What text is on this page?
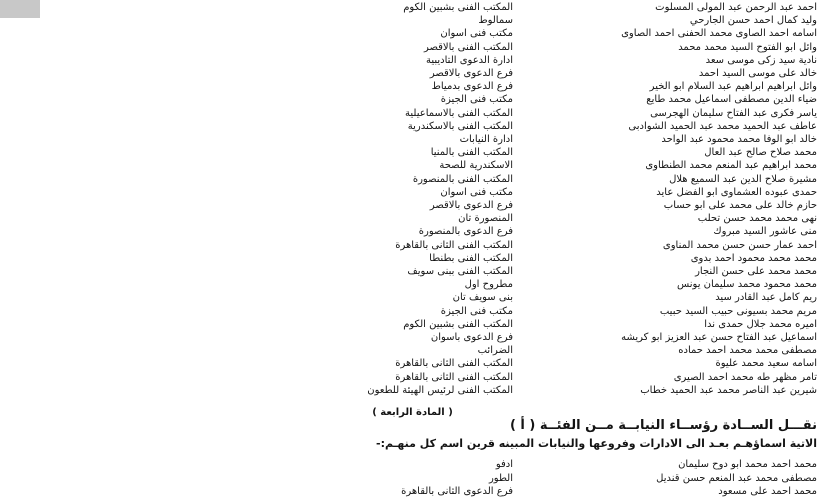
احمد عبد الرحمن عبد المولى المسلوت
المكتب الفنى بشبين الكوم
وليد كمال احمد حسن الجارحي
سمالوط
اسامه احمد الصاوى محمد الحفنى احمد الصاوى
مكتب فنى اسوان
وائل ابو الفتوح السيد محمد محمد
المكتب الفنى بالاقصر
نادية سيد زكى موسى سعد
ادارة الدعوى التاديبية
خالد على موسى السيد احمد
فرع الدعوى بالاقصر
وائل ابراهيم ابراهيم عبد السلام ابو الخير
فرع الدعوى بدمياط
ضياء الدين مصطفى اسماعيل محمد طايع
مكتب فنى الجيزة
ياسر فكرى عبد الفتاح سليمان الهجرسى
المكتب الفنى بالاسماعيلية
عاطف عبد الحميد محمد عبد الحميد الشوادبى
المكتب الفنى بالاسكندرية
خالد ابو الوفا محمد محمود عبد الواحد
ادارة النيابات
محمد صلاح صالح عبد العال
المكتب الفنى بالمنيا
محمد ابراهيم عبد المنعم محمد الطنطاوى
الاسكندرية للصحة
مشيرة صلاح الدين عبد السميع هلال
المكتب الفنى بالمنصورة
حمدى عبوده العشماوى ابو الفضل عايد
مكتب فنى اسوان
حازم خالد على محمد على ابو حساب
فرع الدعوى بالاقصر
نهى محمد محمد حسن تحلب
المنصورة تان
منى عاشور السيد مبروك
فرع الدعوى بالمنصورة
احمد عمار حسن حسن محمد المناوى
المكتب الفنى الثانى بالقاهرة
محمد محمد محمود احمد بدوى
المكتب الفنى بطنطا
محمد محمد على حسن النجار
المكتب الفنى ببنى سويف
محمد محمود محمد سليمان يونس
مطروح اول
ريم كامل عبد القادر سيد
بنى سويف تان
مريم محمد بسيونى حبيب السيد حبيب
مكتب فنى الجيزة
اميره محمد جلال حمدى ندا
المكتب الفنى بشبين الكوم
اسماعيل عبد الفتاح حسن عبد العزيز ابو كريشه
فرع الدعوى باسوان
مصطفى محمد محمد احمد حماده
الضرائب
اسامه سعيد محمد عليوة
المكتب الفنى الثانى بالقاهرة
تامر مظهر طه محمد احمد الصيرى
المكتب الفنى الثانى بالقاهرة
شيرين عبد الناصر محمد عبد الحميد خطاب
المكتب الفنى لرئيس الهيئة للطعون
( المادة الرابعة )
نقـــل الســادة رؤســاء النيابــة مــن الفئــة ( أ )
الاتية اسماؤهـم بعـد الى الادارات وفروعها والنيابات المبينه قرين اسم كل منهـم:-
محمد احمد محمد ابو دوح سليمان
ادفو
مصطفى محمد عبد المنعم حسن قنديل
الطور
محمد احمد على مسعود
فرع الدعوى الثانى بالقاهرة
